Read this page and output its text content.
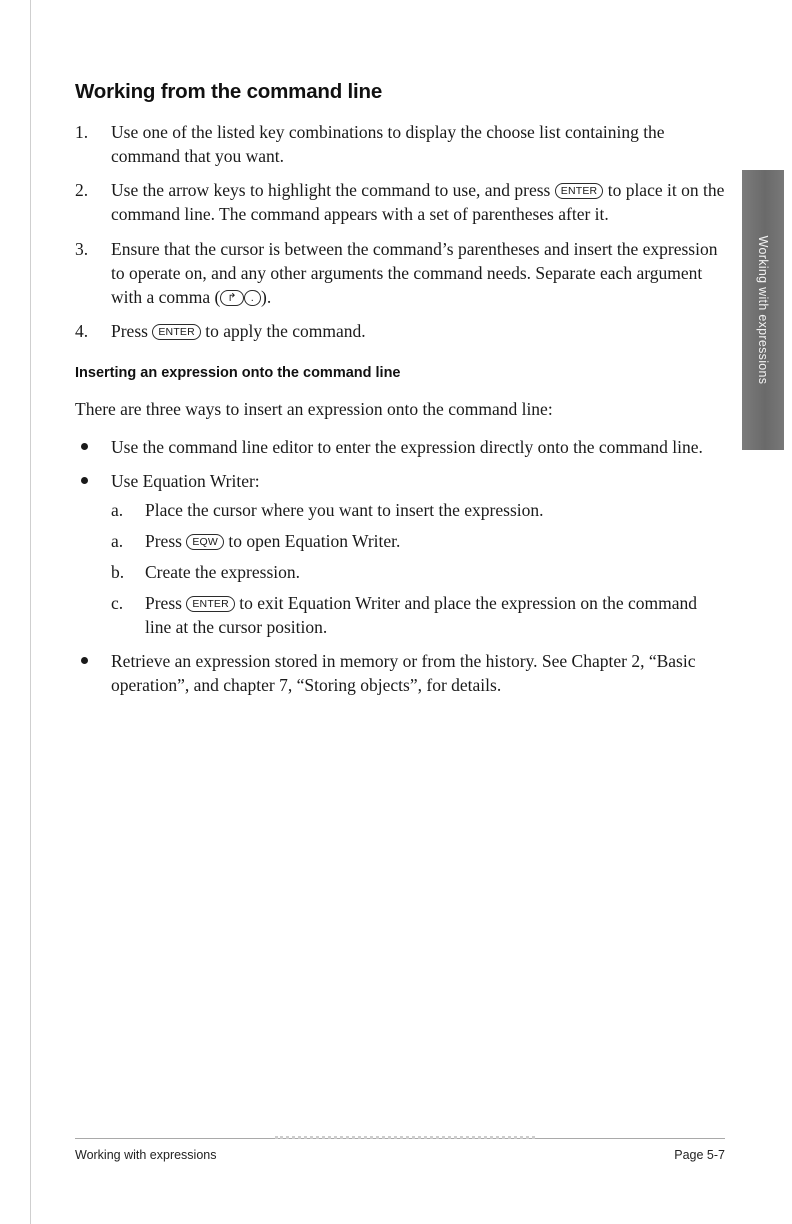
Working with expressions
Working from the command line
1.	Use one of the listed key combinations to display the choose list containing the command that you want.
2.	Use the arrow keys to highlight the command to use, and press ENTER to place it on the command line. The command appears with a set of parentheses after it.
3.	Ensure that the cursor is between the command’s parentheses and insert the expression to operate on, and any other arguments the command needs. Separate each argument with a comma ( ↱ . ).
4.	Press ENTER to apply the command.
Inserting an expression onto the command line

There are three ways to insert an expression onto the command line:

Use the command line editor to enter the expression directly onto the command line.
Use Equation Writer:
a.	Place the cursor where you want to insert the expression.
a.	Press EQW to open Equation Writer.
b.	Create the expression.
c.	Press ENTER to exit Equation Writer and place the expression on the command line at the cursor position.
Retrieve an expression stored in memory or from the history. See Chapter 2, “Basic operation”, and chapter 7, “Storing objects”, for details.
Working with expressions	Page 5-7
